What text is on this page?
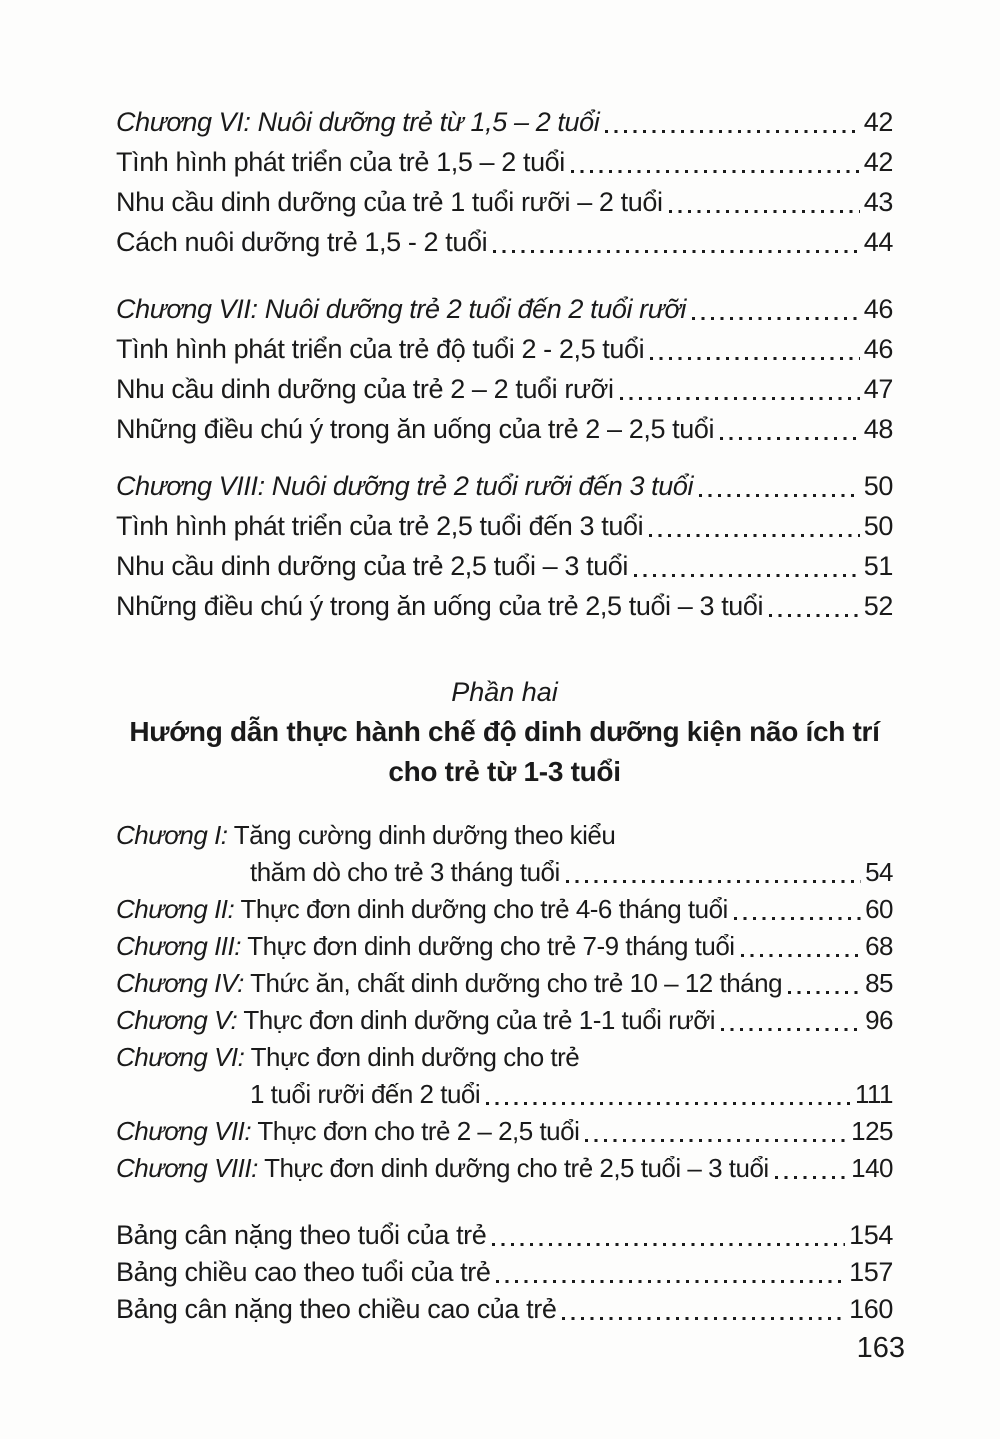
Chương VI: Nuôi dưỡng trẻ từ 1,5 – 2 tuổi	42
Tình hình phát triển của trẻ 1,5 – 2 tuổi	42
Nhu cầu dinh dưỡng của trẻ 1 tuổi rưỡi – 2 tuổi	43
Cách nuôi dưỡng trẻ 1,5 - 2 tuổi	44
Chương VII: Nuôi dưỡng trẻ 2 tuổi đến 2 tuổi rưỡi	46
Tình hình phát triển của trẻ độ tuổi 2 - 2,5 tuổi	46
Nhu cầu dinh dưỡng của trẻ 2 – 2 tuổi rưỡi	47
Những điều chú ý trong ăn uống của trẻ 2 – 2,5 tuổi	48
Chương VIII: Nuôi dưỡng trẻ 2 tuổi rưỡi đến 3 tuổi	50
Tình hình phát triển của trẻ 2,5 tuổi đến 3 tuổi	50
Nhu cầu dinh dưỡng của trẻ 2,5 tuổi – 3 tuổi	51
Những điều chú ý trong ăn uống của trẻ 2,5 tuổi – 3 tuổi	52
Phần hai
Hướng dẫn thực hành chế độ dinh dưỡng kiện não ích trí
cho trẻ từ 1-3 tuổi
Chương I: Tăng cường dinh dưỡng theo kiểu
thăm dò cho trẻ 3 tháng tuổi	54
Chương II: Thực đơn dinh dưỡng cho trẻ 4-6 tháng tuổi	60
Chương III: Thực đơn dinh dưỡng cho trẻ 7-9 tháng tuổi	68
Chương IV: Thức ăn, chất dinh dưỡng cho trẻ 10 – 12 tháng	85
Chương V: Thực đơn dinh dưỡng của trẻ 1-1 tuổi rưỡi	96
Chương VI: Thực đơn dinh dưỡng cho trẻ
1 tuổi rưỡi đến 2 tuổi	111
Chương VII: Thực đơn cho trẻ 2 – 2,5 tuổi	125
Chương VIII: Thực đơn dinh dưỡng cho trẻ 2,5 tuổi – 3 tuổi	140
Bảng cân nặng theo tuổi của trẻ	154
Bảng chiều cao theo tuổi của trẻ	157
Bảng cân nặng theo chiều cao của trẻ	160
163
